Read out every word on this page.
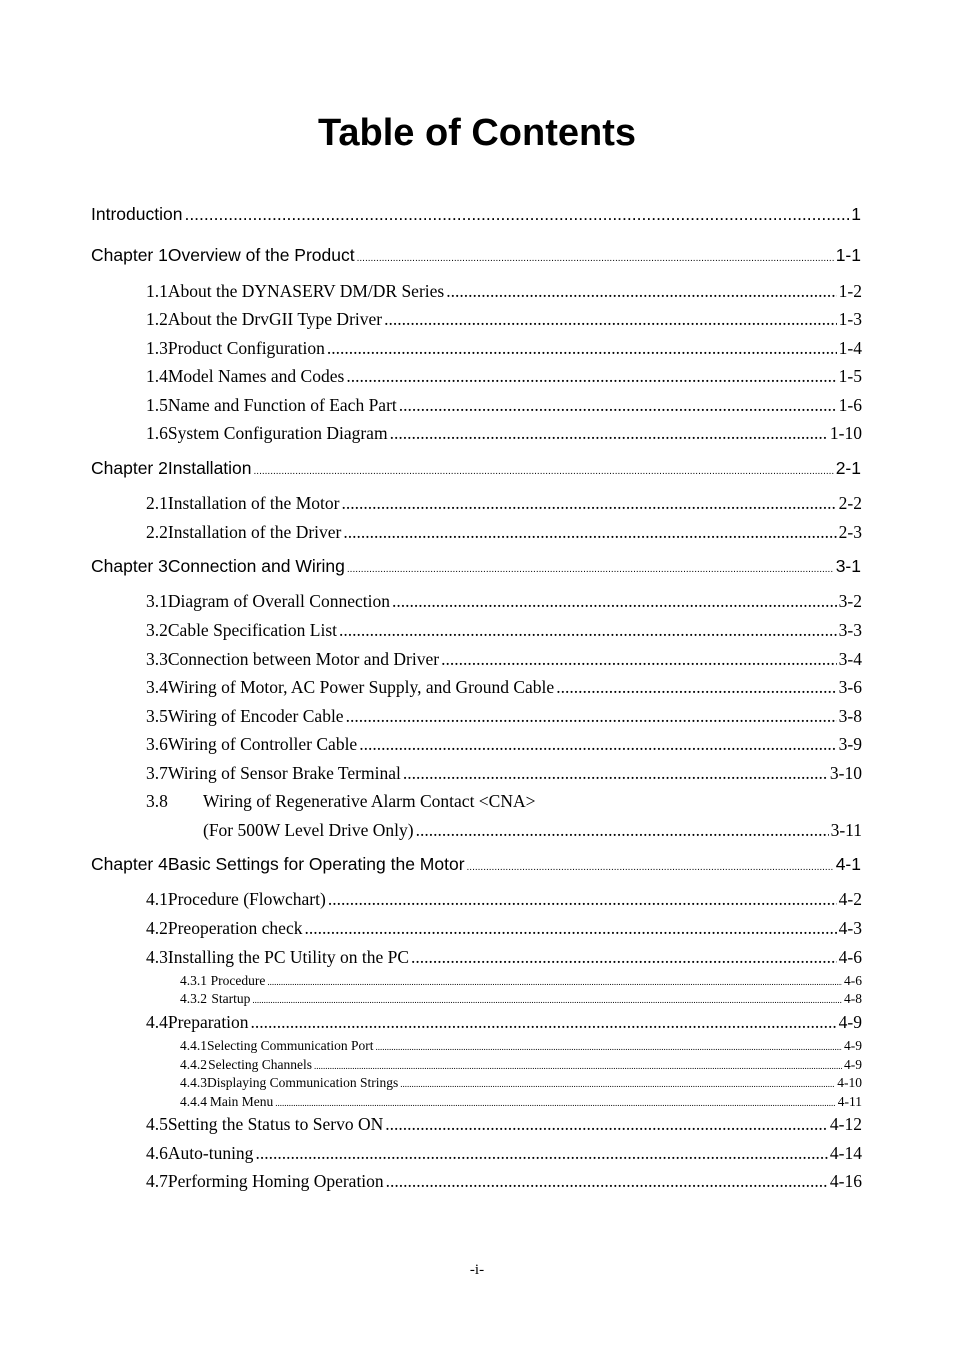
Table of Contents
Introduction .....	1
Chapter 1 Overview of the Product .....	1-1
1.1 About the DYNASERV DM/DR Series .....	1-2
1.2 About the DrvGII Type Driver .....	1-3
1.3 Product Configuration .....	1-4
1.4 Model Names and Codes .....	1-5
1.5 Name and Function of Each Part .....	1-6
1.6 System Configuration Diagram .....	1-10
Chapter 2 Installation .....	2-1
2.1 Installation of the Motor .....	2-2
2.2 Installation of the Driver .....	2-3
Chapter 3 Connection and Wiring .....	3-1
3.1 Diagram of Overall Connection .....	3-2
3.2 Cable Specification List .....	3-3
3.3 Connection between Motor and Driver .....	3-4
3.4 Wiring of Motor, AC Power Supply, and Ground Cable .....	3-6
3.5 Wiring of Encoder Cable .....	3-8
3.6 Wiring of Controller Cable .....	3-9
3.7 Wiring of Sensor Brake Terminal .....	3-10
3.8	Wiring of Regenerative Alarm Contact <CNA>
(For 500W Level Drive Only) .....	3-11
Chapter 4 Basic Settings for Operating the Motor .....	4-1
4.1 Procedure (Flowchart) .....	4-2
4.2 Preoperation check .....	4-3
4.3 Installing the PC Utility on the PC .....	4-6
4.3.1 Procedure .....	4-6
4.3.2 Startup .....	4-8
4.4 Preparation .....	4-9
4.4.1 Selecting Communication Port .....	4-9
4.4.2 Selecting Channels .....	4-9
4.4.3 Displaying Communication Strings .....	4-10
4.4.4 Main Menu .....	4-11
4.5 Setting the Status to Servo ON .....	4-12
4.6 Auto-tuning .....	4-14
4.7 Performing Homing Operation .....	4-16
-i-
